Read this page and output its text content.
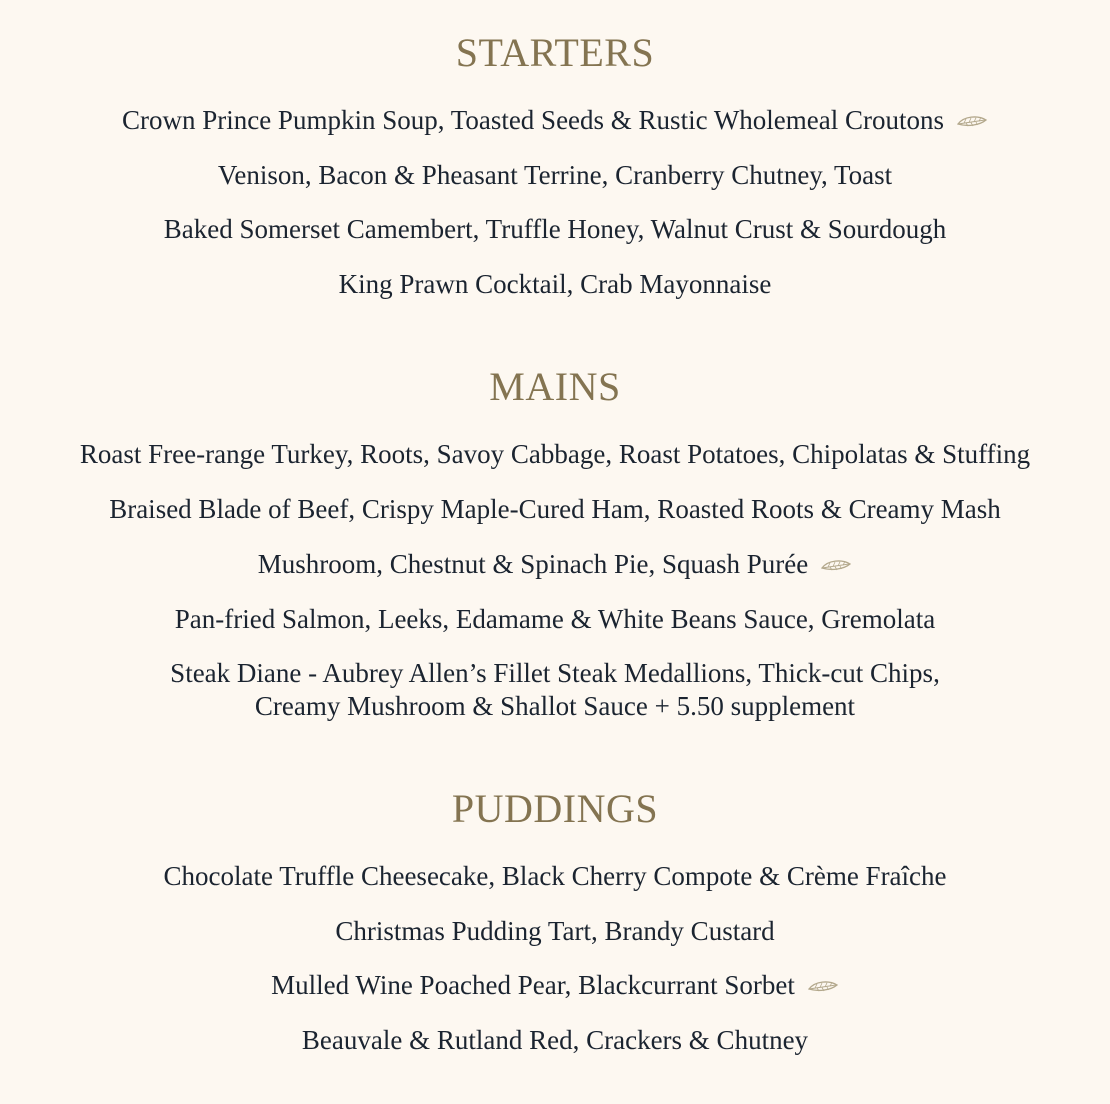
STARTERS
Crown Prince Pumpkin Soup, Toasted Seeds & Rustic Wholemeal Croutons
Venison, Bacon & Pheasant Terrine, Cranberry Chutney, Toast
Baked Somerset Camembert, Truffle Honey, Walnut Crust & Sourdough
King Prawn Cocktail, Crab Mayonnaise
MAINS
Roast Free-range Turkey, Roots, Savoy Cabbage, Roast Potatoes, Chipolatas & Stuffing
Braised Blade of Beef, Crispy Maple-Cured Ham, Roasted Roots & Creamy Mash
Mushroom, Chestnut & Spinach Pie, Squash Purée
Pan-fried Salmon, Leeks, Edamame & White Beans Sauce, Gremolata
Steak Diane - Aubrey Allen’s Fillet Steak Medallions, Thick-cut Chips,
Creamy Mushroom & Shallot Sauce + 5.50 supplement
PUDDINGS
Chocolate Truffle Cheesecake, Black Cherry Compote & Crème Fraîche
Christmas Pudding Tart, Brandy Custard
Mulled Wine Poached Pear, Blackcurrant Sorbet
Beauvale & Rutland Red, Crackers & Chutney
